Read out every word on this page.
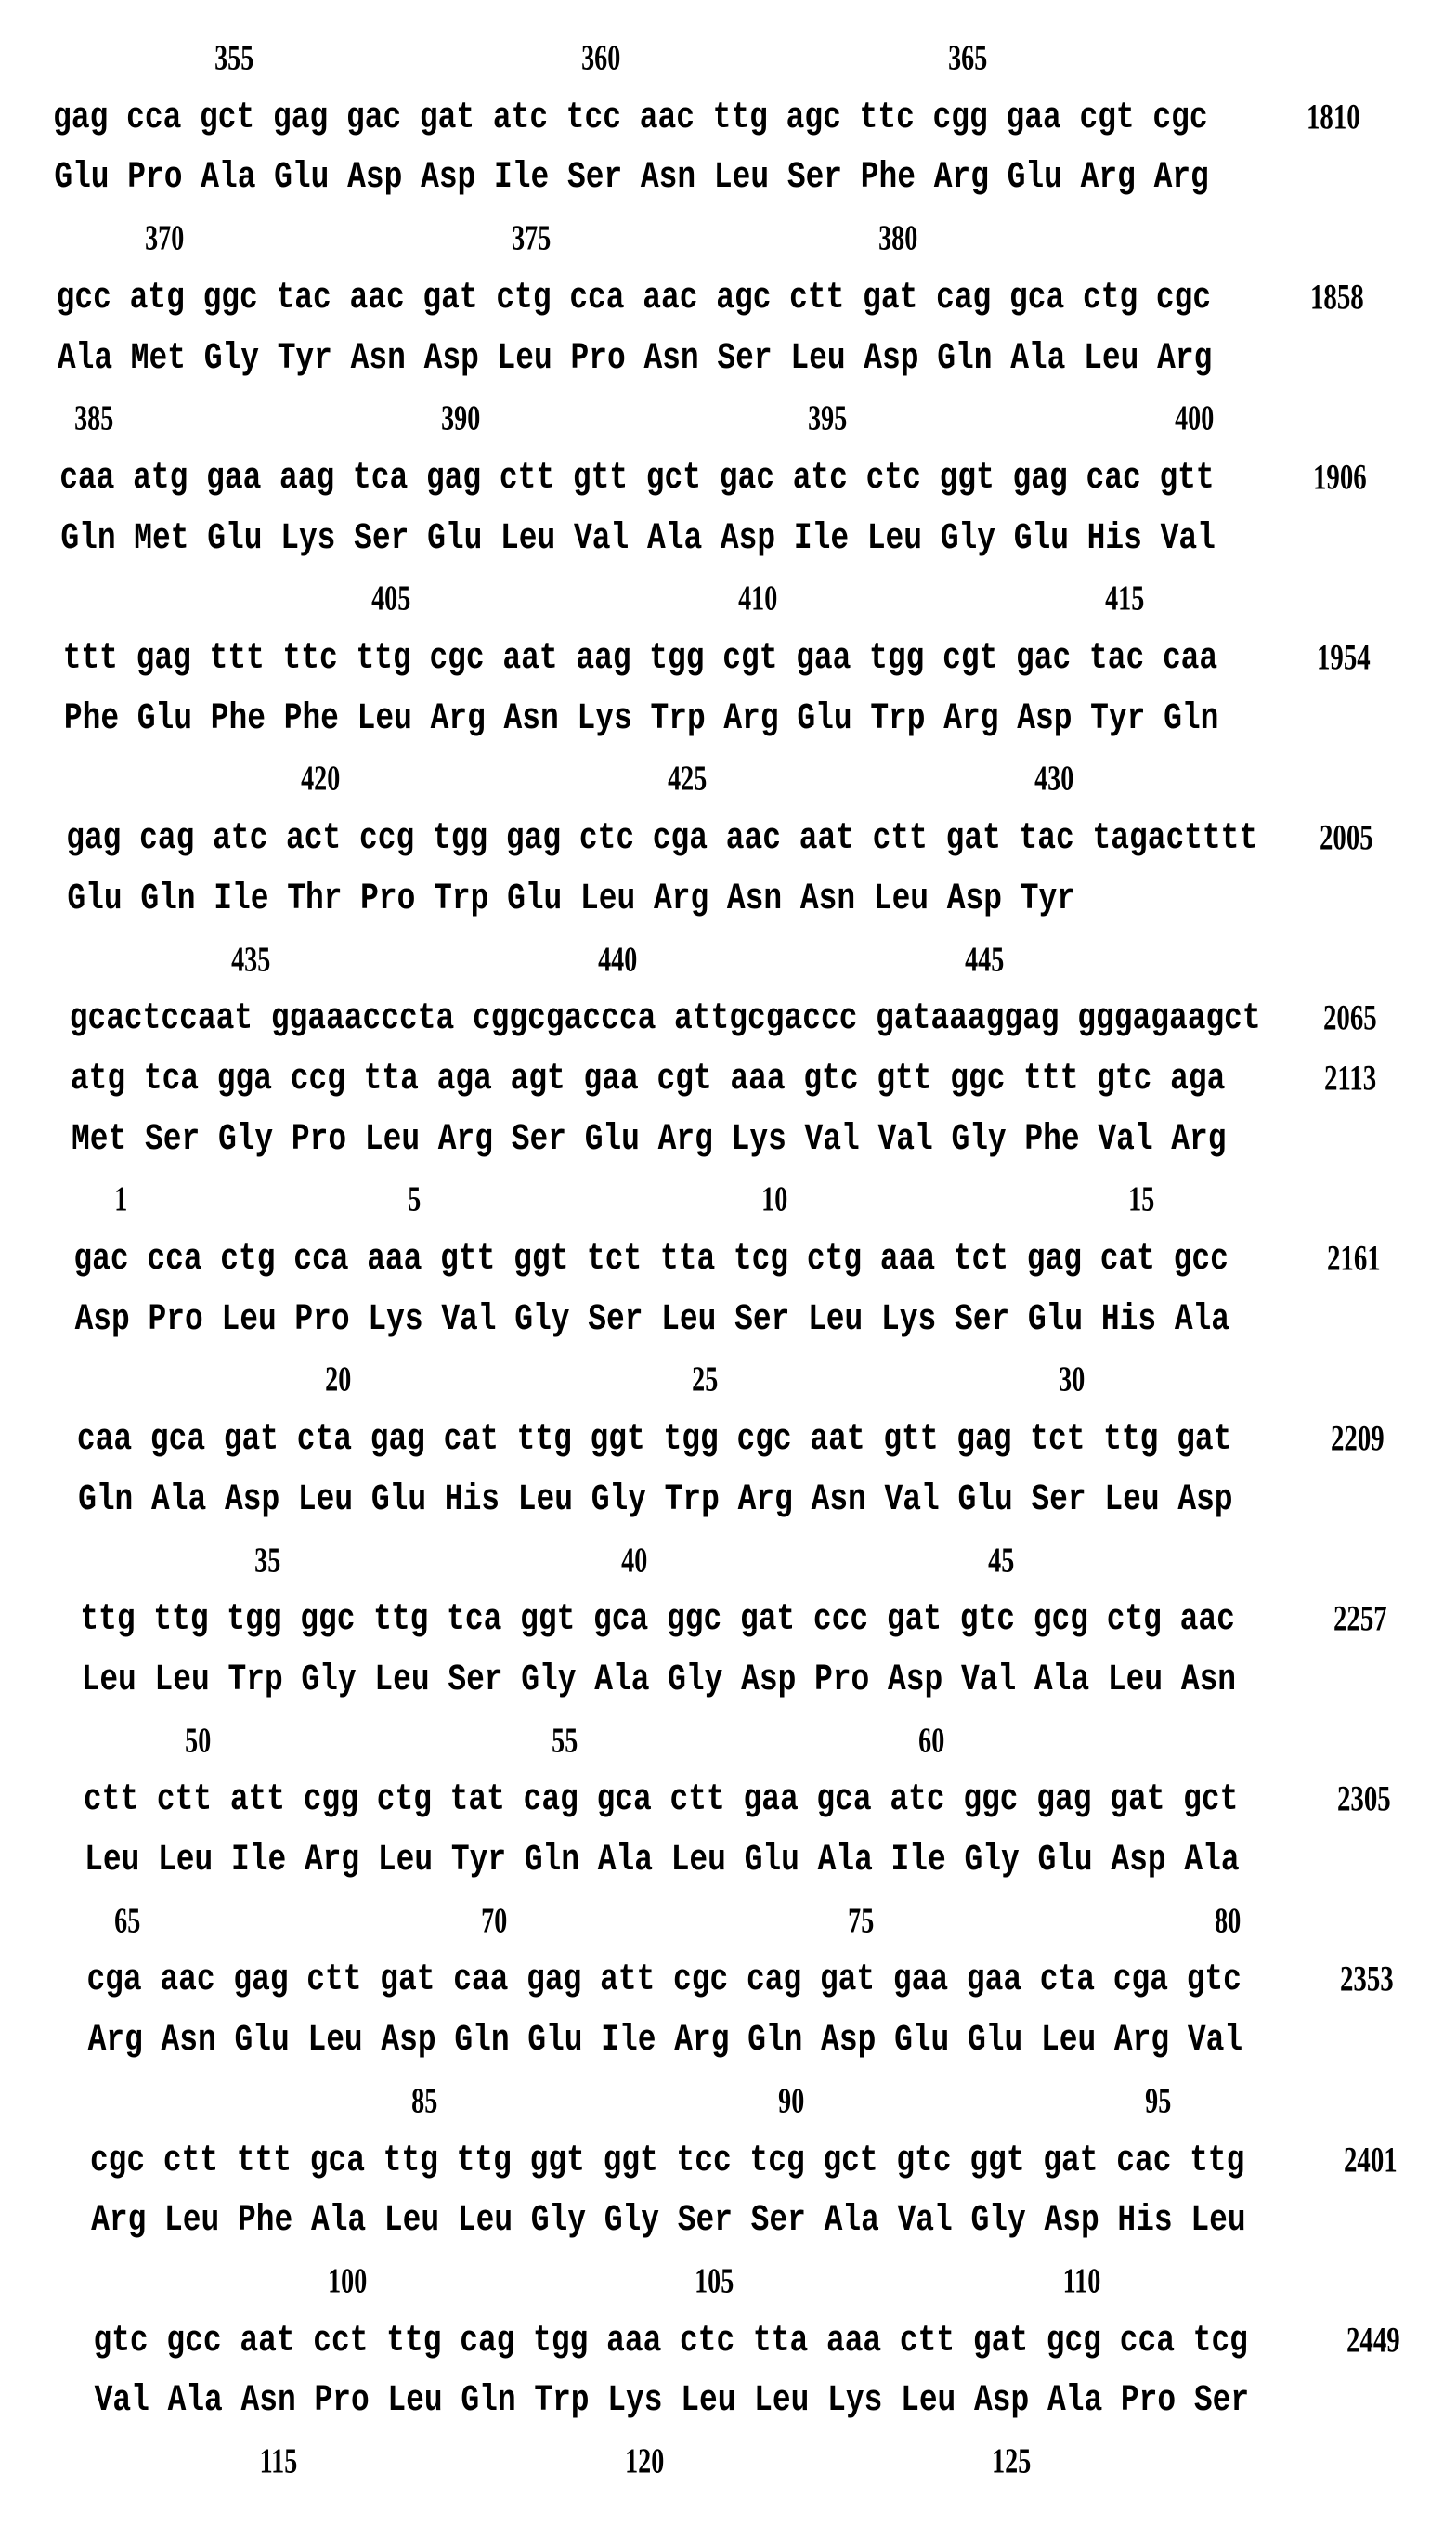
355	360	365
gag cca gct gag gac gat atc tcc aac ttg agc ttc cgg gaa cgt cgc	1810
Glu Pro Ala Glu Asp Asp Ile Ser Asn Leu Ser Phe Arg Glu Arg Arg
370	375	380
gcc atg ggc tac aac gat ctg cca aac agc ctt gat cag gca ctg cgc	1858
Ala Met Gly Tyr Asn Asp Leu Pro Asn Ser Leu Asp Gln Ala Leu Arg
385	390	395	400
caa atg gaa aag tca gag ctt gtt gct gac atc ctc ggt gag cac gtt	1906
Gln Met Glu Lys Ser Glu Leu Val Ala Asp Ile Leu Gly Glu His Val
405	410	415
ttt gag ttt ttc ttg cgc aat aag tgg cgt gaa tgg cgt gac tac caa	1954
Phe Glu Phe Phe Leu Arg Asn Lys Trp Arg Glu Trp Arg Asp Tyr Gln
420	425	430
gag cag atc act ccg tgg gag ctc cga aac aat ctt gat tac tagactttt 2005
Glu Gln Ile Thr Pro Trp Glu Leu Arg Asn Asn Leu Asp Tyr
435	440	445
gcactccaat ggaaacccta cggcgaccca attgcgaccc gataaaggag gggagaagct 2065
atg tca gga ccg tta aga agt gaa cgt aaa gtc gtt ggc ttt gtc aga	2113
Met Ser Gly Pro Leu Arg Ser Glu Arg Lys Val Val Gly Phe Val Arg
1	5	10	15
gac cca ctg cca aaa gtt ggt tct tta tcg ctg aaa tct gag cat gcc	2161
Asp Pro Leu Pro Lys Val Gly Ser Leu Ser Leu Lys Ser Glu His Ala
20	25	30
caa gca gat cta gag cat ttg ggt tgg cgc aat gtt gag tct ttg gat	2209
Gln Ala Asp Leu Glu His Leu Gly Trp Arg Asn Val Glu Ser Leu Asp
35	40	45
ttg ttg tgg ggc ttg tca ggt gca ggc gat ccc gat gtc gcg ctg aac	2257
Leu Leu Trp Gly Leu Ser Gly Ala Gly Asp Pro Asp Val Ala Leu Asn
50	55	60
ctt ctt att cgg ctg tat cag gca ctt gaa gca atc ggc gag gat gct	2305
Leu Leu Ile Arg Leu Tyr Gln Ala Leu Glu Ala Ile Gly Glu Asp Ala
65	70	75	80
cga aac gag ctt gat caa gag att cgc cag gat gaa gaa cta cga gtc	2353
Arg Asn Glu Leu Asp Gln Glu Ile Arg Gln Asp Glu Glu Leu Arg Val
85	90	95
cgc ctt ttt gca ttg ttg ggt ggt tcc tcg gct gtc ggt gat cac ttg	2401
Arg Leu Phe Ala Leu Leu Gly Gly Ser Ser Ala Val Gly Asp His Leu
100	105	110
gtc gcc aat cct ttg cag tgg aaa ctc tta aaa ctt gat gcg cca tcg	2449
Val Ala Asn Pro Leu Gln Trp Lys Leu Leu Lys Leu Asp Ala Pro Ser
115	120	125
